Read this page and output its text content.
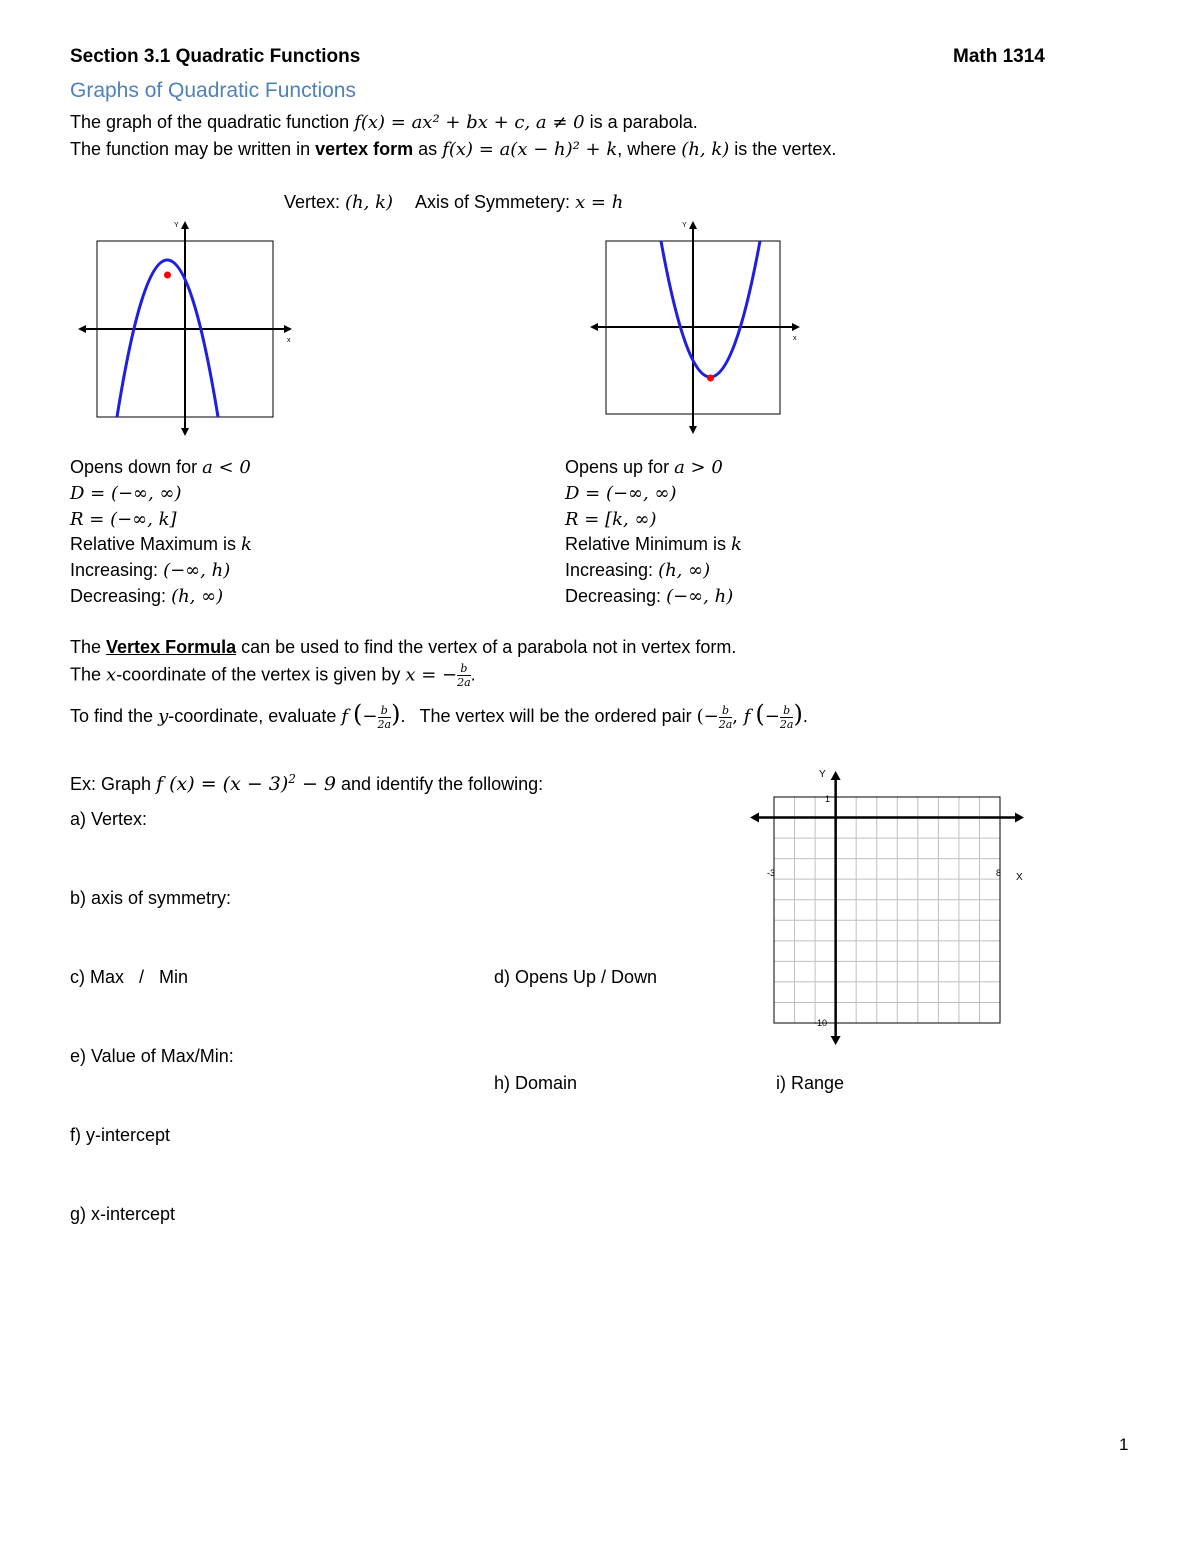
Section 3.1 Quadratic Functions	Math 1314
Graphs of Quadratic Functions
The graph of the quadratic function f(x) = ax² + bx + c, a ≠ 0 is a parabola.
The function may be written in vertex form as f(x) = a(x − h)² + k, where (h, k) is the vertex.
Vertex: (h, k) Axis of Symmetery: x = h
Y
x
Y
x
Opens down for a < 0
D = (−∞, ∞)
R = (−∞, k]
Relative Maximum is k
Increasing: (−∞, h)
Decreasing: (h, ∞)
Opens up for a > 0
D = (−∞, ∞)
R = [k, ∞)
Relative Minimum is k
Increasing: (h, ∞)
Decreasing: (−∞, h)
The Vertex Formula can be used to find the vertex of a parabola not in vertex form.
The x-coordinate of the vertex is given by x = − $\frac{b}{2a}$ .
To find the y-coordinate, evaluate f (− $\frac{b}{2a}$ ). The vertex will be the ordered pair (− $\frac{b}{2a}$ , f (− $\frac{b}{2a}$ ).
Ex: Graph f $(x) = (x - 3)^2 - 9$ and identify the following:
a) Vertex:
b) axis of symmetry:
c) Max   /   Min	d) Opens Up / Down
e) Value of Max/Min:
h) Domain	i) Range
f) y-intercept
g) x-intercept
Y
X
-3	8
1
-10
1
